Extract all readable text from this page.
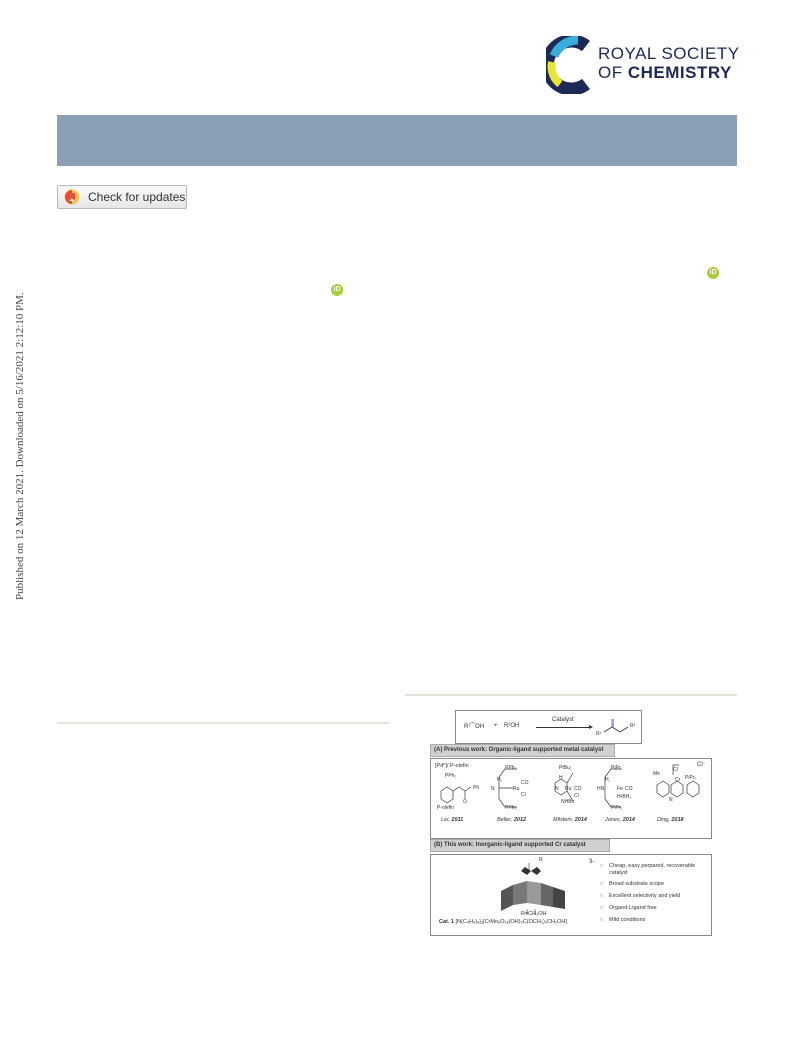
ROYAL SOCIETY
OF CHEMISTRY
Check for updates
iD
iD
Published on 12 March 2021. Downloaded on 5/16/2021 2:12:10 PM.
R¹⁀OH + R²OH
Catalyst
R¹
R²
(A) Previous work: Organic-ligand supported metal catalyst
[Pd⁰]/ P-olefin
PPh₂
Ph
P-olefin
O
PPh₂
H,
N	Ru
CO
Cl
PPh₂
PtBu₂
H
N Ru CO
Cl
NHBn
PiPr₂
H,
HN	Fe CO
H•BH₃
PiPr₂
Me
Cl
Cr PiPr₂
N
Cl⁻
Lei, 2011	Beller, 2012	Milstein, 2014	Jones, 2014	Ding, 2018
(B) This work: Inorganic-ligand supported Cr catalyst
R	3-
R=CH₂OH
Cat. 1 [N(C₄H₉)₄]₃[CrMo₆O₁₈(OH)₃C(OCH₂)₃CH₂OH]
○ Cheap, easy perpared, recoverable catalyst
○ Broad substrate scope
○ Excellent selectivity and yield
○ Organd-Ligand free
○ Mild conditions
